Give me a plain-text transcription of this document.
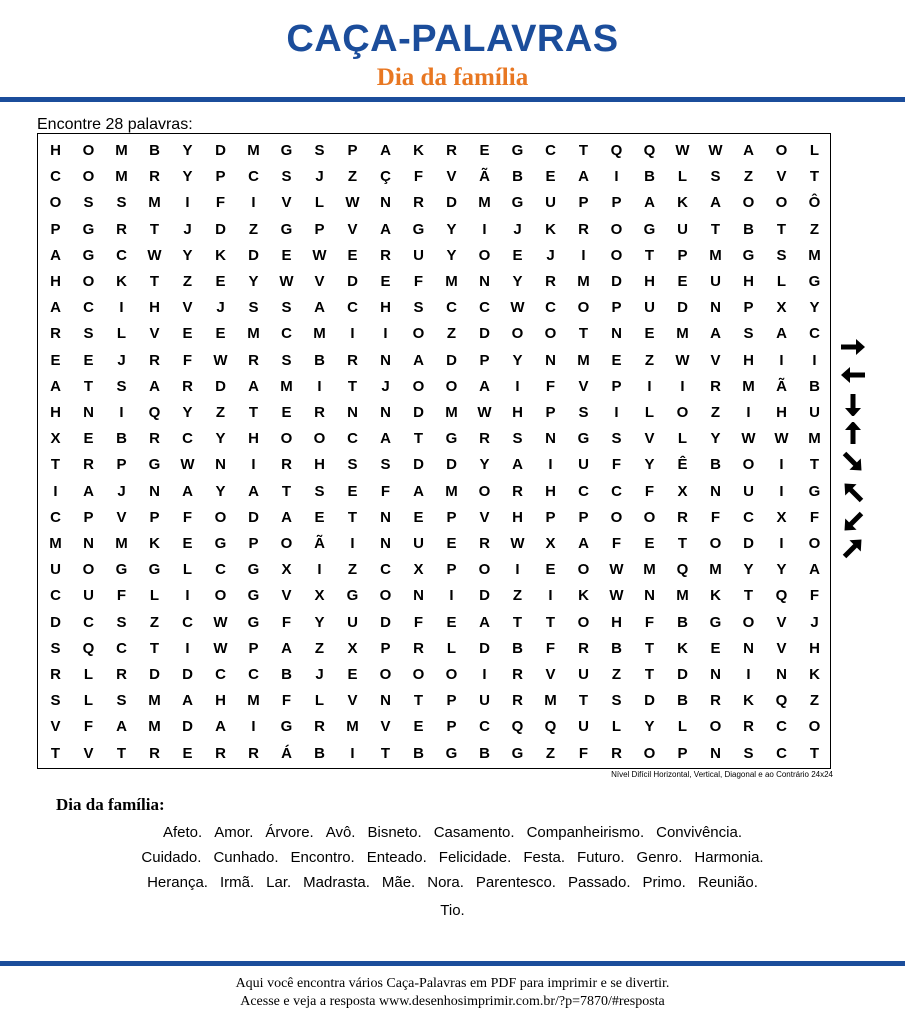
CAÇA-PALAVRAS
Dia da família
Encontre 28 palavras:
H	O	M	B	Y	D	M	G	S	P	A	K	R	E	G	C	T	Q	Q	W	W	A	O	L
C	O	M	R	Y	P	C	S	J	Z	Ç	F	V	Ã	B	E	A	I	B	L	S	Z	V	T
O	S	S	M	I	F	I	V	L	W	N	R	D	M	G	U	P	P	A	K	A	O	O	Ô
P	G	R	T	J	D	Z	G	P	V	A	G	Y	I	J	K	R	O	G	U	T	B	T	Z
A	G	C	W	Y	K	D	E	W	E	R	U	Y	O	E	J	I	O	T	P	M	G	S	M
H	O	K	T	Z	E	Y	W	V	D	E	F	M	N	Y	R	M	D	H	E	U	H	L	G
A	C	I	H	V	J	S	S	A	C	H	S	C	C	W	C	O	P	U	D	N	P	X	Y
R	S	L	V	E	E	M	C	M	I	I	O	Z	D	O	O	T	N	E	M	A	S	A	C
E	E	J	R	F	W	R	S	B	R	N	A	D	P	Y	N	M	E	Z	W	V	H	I	I
A	T	S	A	R	D	A	M	I	T	J	O	O	A	I	F	V	P	I	I	R	M	Ã	B
H	N	I	Q	Y	Z	T	E	R	N	N	D	M	W	H	P	S	I	L	O	Z	I	H	U
X	E	B	R	C	Y	H	O	O	C	A	T	G	R	S	N	G	S	V	L	Y	W	W	M
T	R	P	G	W	N	I	R	H	S	S	D	D	Y	A	I	U	F	Y	Ê	B	O	I	T
I	A	J	N	A	Y	A	T	S	E	F	A	M	O	R	H	C	C	F	X	N	U	I	G
C	P	V	P	F	O	D	A	E	T	N	E	P	V	H	P	P	O	O	R	F	C	X	F
M	N	M	K	E	G	P	O	Ã	I	N	U	E	R	W	X	A	F	E	T	O	D	I	O
U	O	G	G	L	C	G	X	I	Z	C	X	P	O	I	E	O	W	M	Q	M	Y	Y	A
C	U	F	L	I	O	G	V	X	G	O	N	I	D	Z	I	K	W	N	M	K	T	Q	F
D	C	S	Z	C	W	G	F	Y	U	D	F	E	A	T	T	O	H	F	B	G	O	V	J
S	Q	C	T	I	W	P	A	Z	X	P	R	L	D	B	F	R	B	T	K	E	N	V	H
R	L	R	D	D	C	C	B	J	E	O	O	O	I	R	V	U	Z	T	D	N	I	N	K
S	L	S	M	A	H	M	F	L	V	N	T	P	U	R	M	T	S	D	B	R	K	Q	Z
V	F	A	M	D	A	I	G	R	M	V	E	P	C	Q	Q	U	L	Y	L	O	R	C	O
T	V	T	R	E	R	R	Á	B	I	T	B	G	B	G	Z	F	R	O	P	N	S	C	T
Nível Difícil Horizontal, Vertical, Diagonal e ao Contrário 24x24
Dia da família:
Afeto. Amor. Árvore. Avô. Bisneto. Casamento. Companheirismo. Convivência.
Cuidado. Cunhado. Encontro. Enteado. Felicidade. Festa. Futuro. Genro. Harmonia.
Herança. Irmã. Lar. Madrasta. Mãe. Nora. Parentesco. Passado. Primo. Reunião.
Tio.
Aqui você encontra vários Caça-Palavras em PDF para imprimir e se divertir.
Acesse e veja a resposta www.desenhosimprimir.com.br/?p=7870/#resposta
